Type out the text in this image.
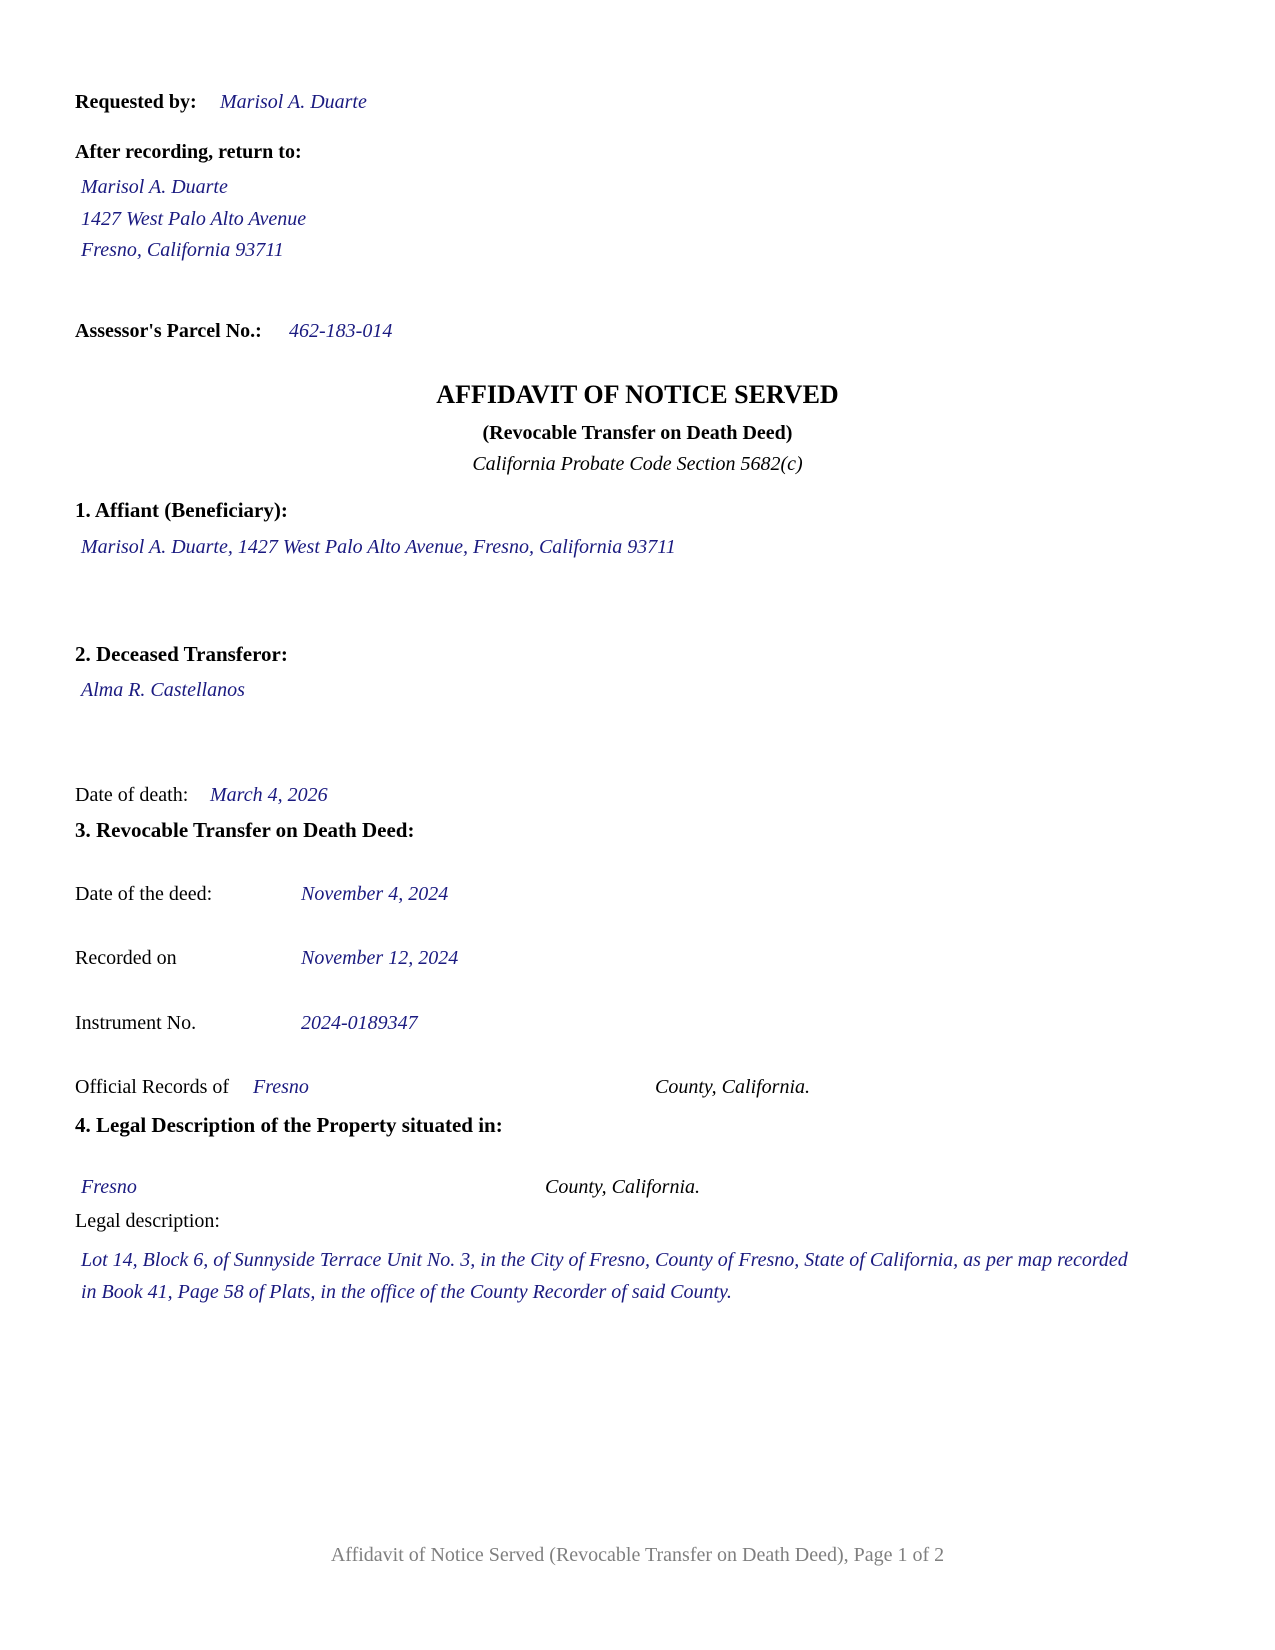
Requested by: Marisol A. Duarte
After recording, return to:
Marisol A. Duarte
1427 West Palo Alto Avenue
Fresno, California 93711
Assessor's Parcel No.: 462-183-014
AFFIDAVIT OF NOTICE SERVED
(Revocable Transfer on Death Deed)
California Probate Code Section 5682(c)
1. Affiant (Beneficiary):
Marisol A. Duarte, 1427 West Palo Alto Avenue, Fresno, California 93711
2. Deceased Transferor:
Alma R. Castellanos
Date of death: March 4, 2026
3. Revocable Transfer on Death Deed:
Date of the deed:	November 4, 2024
Recorded on	November 12, 2024
Instrument No.	2024-0189347
Official Records of Fresno	County, California.
4. Legal Description of the Property situated in:
Fresno	County, California.
Legal description:
Lot 14, Block 6, of Sunnyside Terrace Unit No. 3, in the City of Fresno, County of Fresno, State of California, as per map recorded
in Book 41, Page 58 of Plats, in the office of the County Recorder of said County.
Affidavit of Notice Served (Revocable Transfer on Death Deed), Page 1 of 2
